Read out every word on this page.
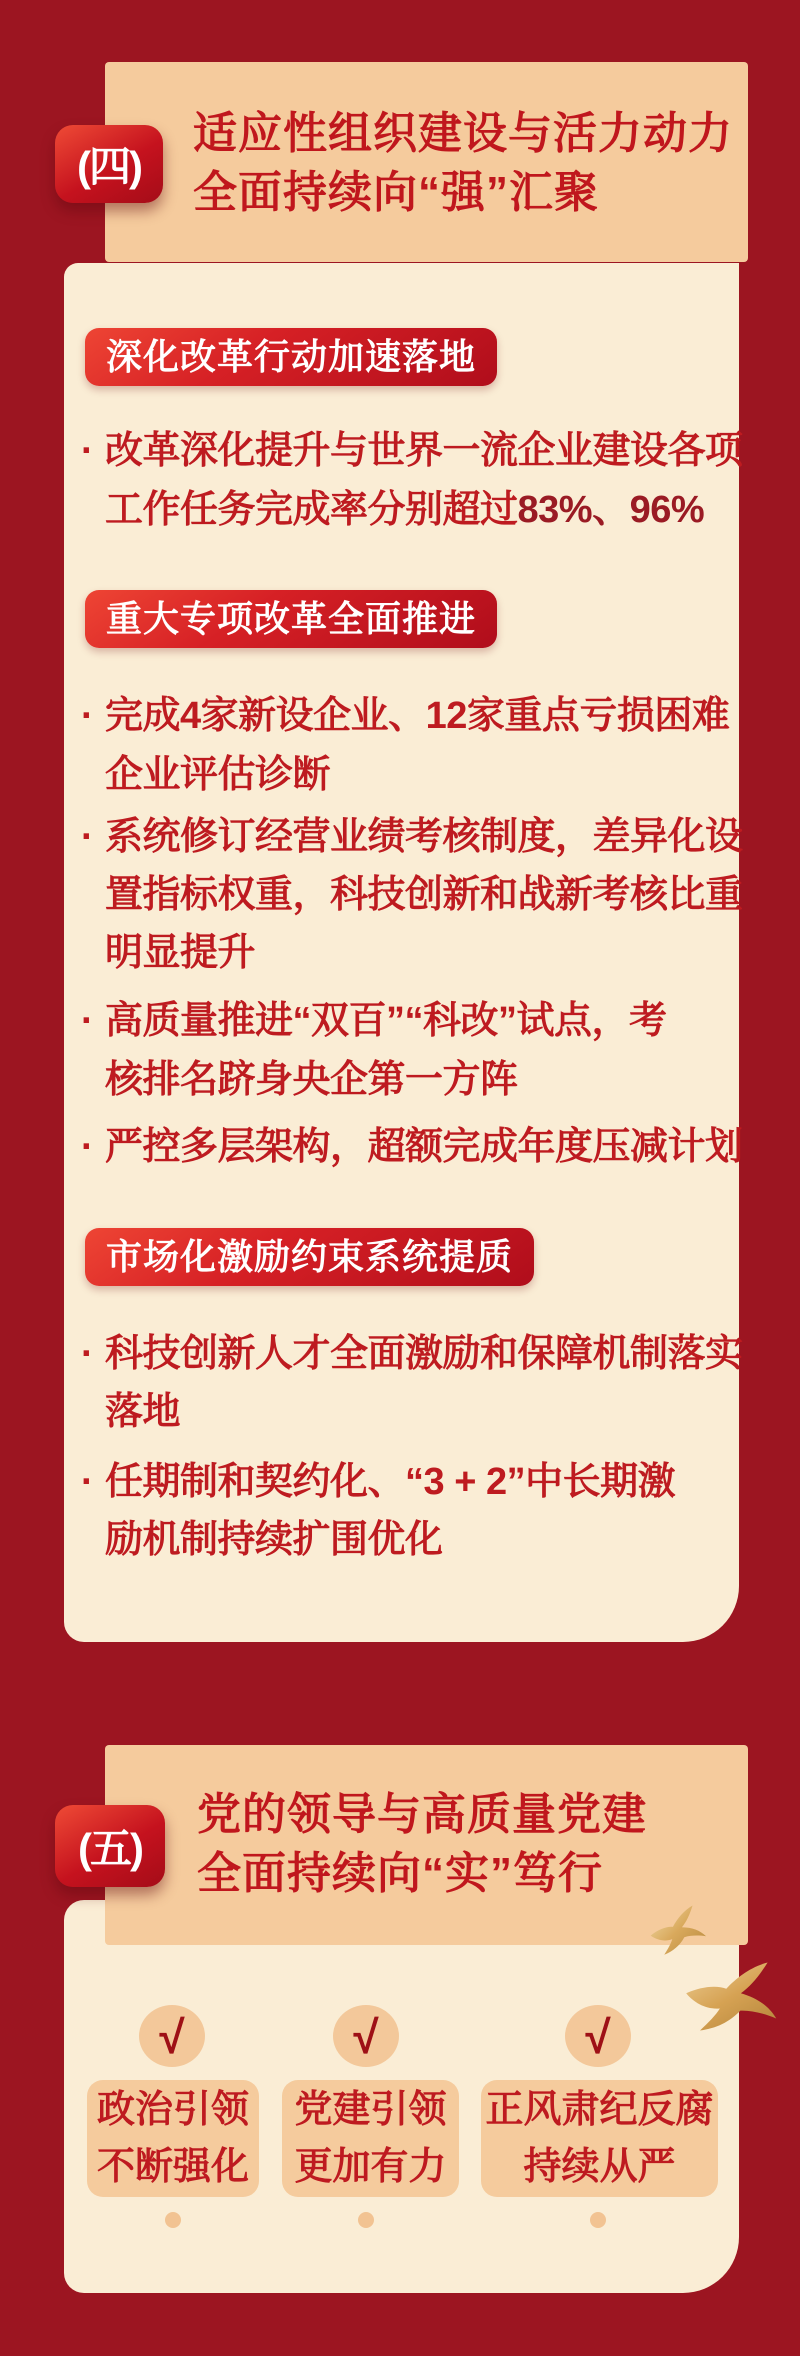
(四)
适应性组织建设与活力动力
全面持续向“强”汇聚
深化改革行动加速落地
· 改革深化提升与世界一流企业建设各项
工作任务完成率分别超过83%、96%
重大专项改革全面推进
· 完成4家新设企业、12家重点亏损困难
企业评估诊断
· 系统修订经营业绩考核制度，差异化设
置指标权重，科技创新和战新考核比重
明显提升
· 高质量推进“双百”“科改”试点，考
核排名跻身央企第一方阵
· 严控多层架构，超额完成年度压减计划
市场化激励约束系统提质
· 科技创新人才全面激励和保障机制落实
落地
· 任期制和契约化、“3 + 2”中长期激
励机制持续扩围优化
(五)
党的领导与高质量党建
全面持续向“实”笃行
√	√	√
政治引领
不断强化
党建引领
更加有力
正风肃纪反腐
持续从严
